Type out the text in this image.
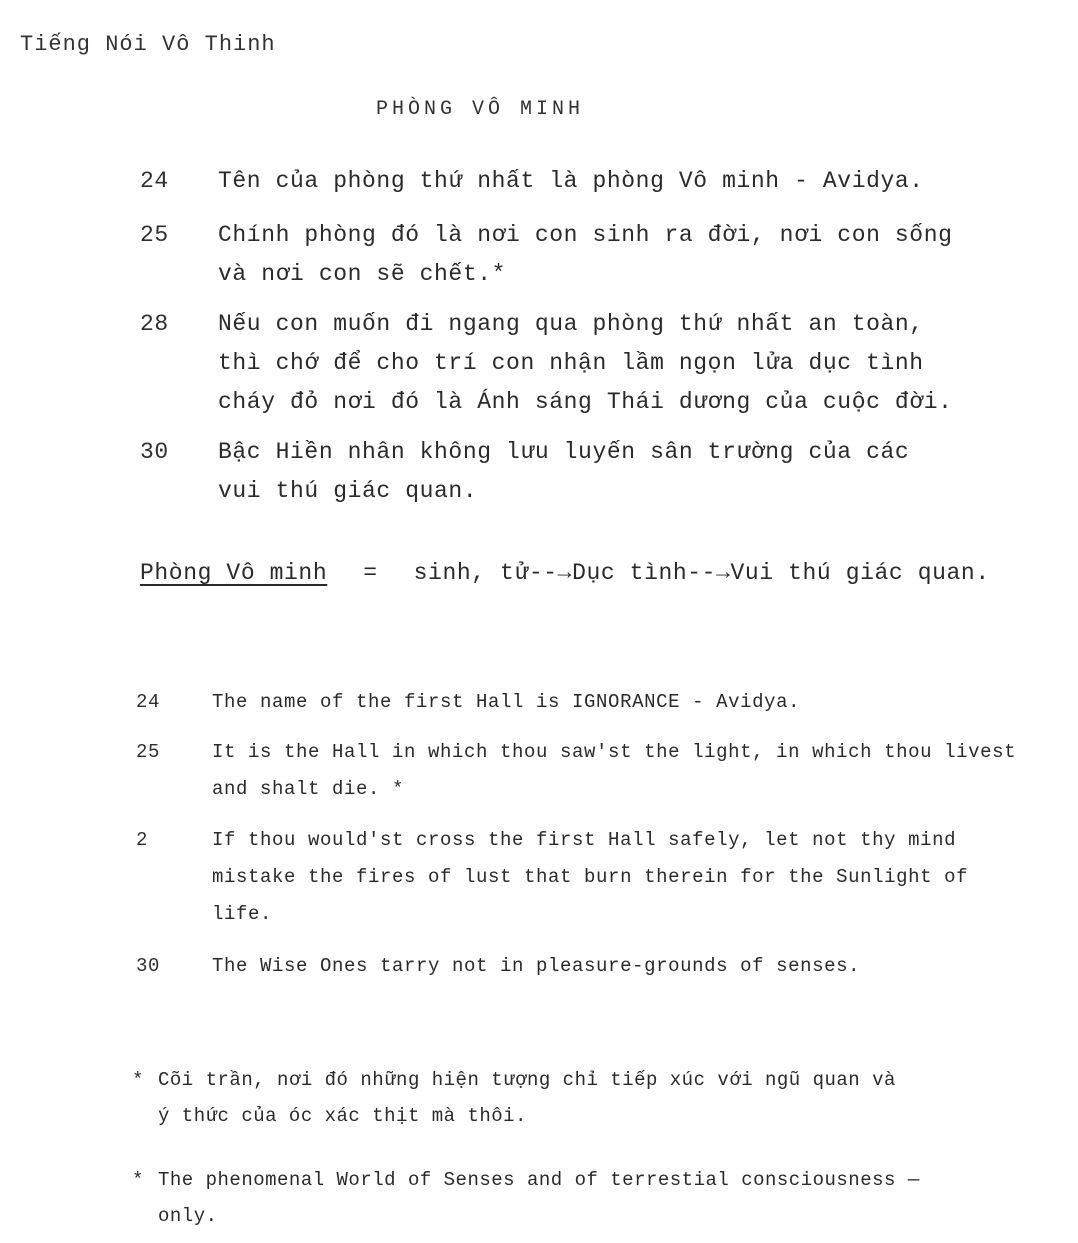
Tiếng Nói Vô Thinh
PHÒNG VÔ MINH
24	Tên của phòng thứ nhất là phòng Vô minh - Avidya.
25	Chính phòng đó là nơi con sinh ra đời, nơi con sống
và nơi con sẽ chết.*
28	Nếu con muốn đi ngang qua phòng thứ nhất an toàn,
thì chớ để cho trí con nhận lầm ngọn lửa dục tình
cháy đỏ nơi đó là Ánh sáng Thái dương của cuộc đời.
30	Bậc Hiền nhân không lưu luyến sân trường của các
vui thú giác quan.
Phòng Vô minh = sinh, tử--→Dục tình--→Vui thú giác quan.
24	The name of the first Hall is IGNORANCE - Avidya.
25	It is the Hall in which thou saw'st the light, in which thou livest
and shalt die. *
2	If thou would'st cross the first Hall safely, let not thy mind
mistake the fires of lust that burn therein for the Sunlight of
life.
30	The Wise Ones tarry not in pleasure-grounds of senses.
* Cõi trần, nơi đó những hiện tượng chỉ tiếp xúc với ngũ quan và
ý thức của óc xác thịt mà thôi.
* The phenomenal World of Senses and of terrestial consciousness —
only.
